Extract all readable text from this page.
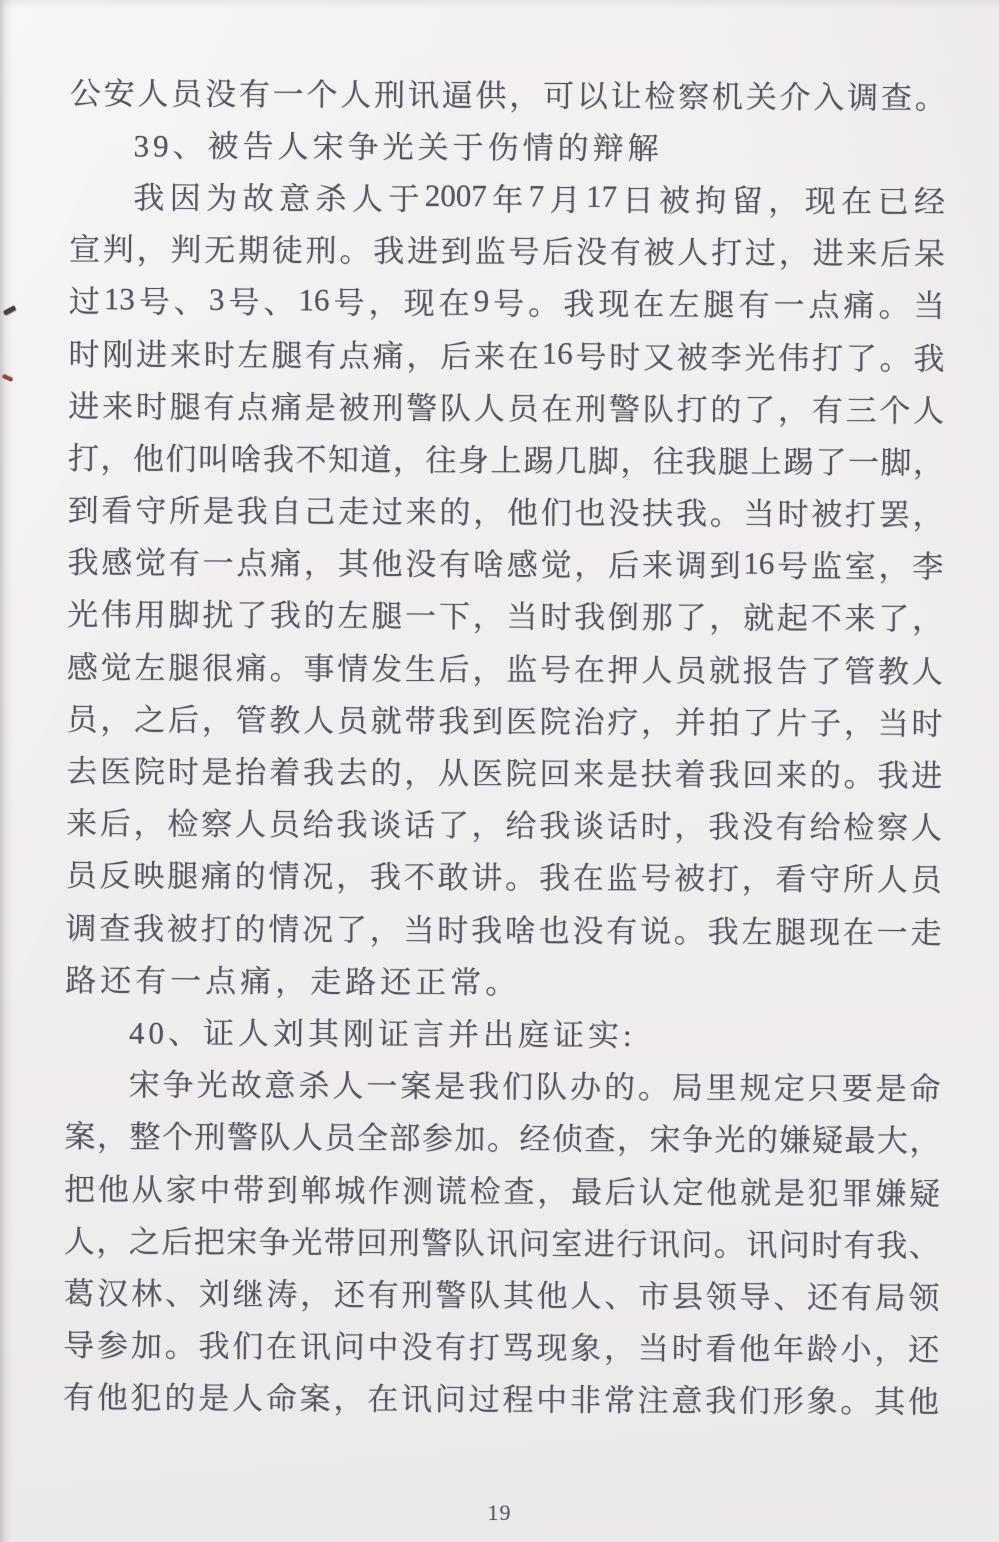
公 安 人 员 没 有 一 个 人 刑 讯 逼 供 ， 可 以 让 检 察 机 关 介 入 调 查 。
39、被告人宋争光关于伤情的辩解
我 因 为 故 意 杀 人 于 2007 年 7 月 17 日 被 拘 留 ， 现 在 已 经
宣 判 ， 判 无 期 徒 刑 。 我 进 到 监 号 后 没 有 被 人 打 过 ， 进 来 后 呆
过 13 号 、 3 号 、 16 号 ， 现 在 9 号 。 我 现 在 左 腿 有 一 点 痛 。 当
时 刚 进 来 时 左 腿 有 点 痛 ， 后 来 在 16 号 时 又 被 李 光 伟 打 了 。 我
进 来 时 腿 有 点 痛 是 被 刑 警 队 人 员 在 刑 警 队 打 的 了 ， 有 三 个 人
打 ， 他 们 叫 啥 我 不 知 道 ， 往 身 上 踢 几 脚 ， 往 我 腿 上 踢 了 一 脚 ，
到 看 守 所 是 我 自 己 走 过 来 的 ， 他 们 也 没 扶 我 。 当 时 被 打 罢 ，
我 感 觉 有 一 点 痛 ， 其 他 没 有 啥 感 觉 ， 后 来 调 到 16 号 监 室 ， 李
光 伟 用 脚 扰 了 我 的 左 腿 一 下 ， 当 时 我 倒 那 了 ， 就 起 不 来 了 ，
感 觉 左 腿 很 痛 。 事 情 发 生 后 ， 监 号 在 押 人 员 就 报 告 了 管 教 人
员 ， 之 后 ， 管 教 人 员 就 带 我 到 医 院 治 疗 ， 并 拍 了 片 子 ， 当 时
去 医 院 时 是 抬 着 我 去 的 ， 从 医 院 回 来 是 扶 着 我 回 来 的 。 我 进
来 后 ， 检 察 人 员 给 我 谈 话 了 ， 给 我 谈 话 时 ， 我 没 有 给 检 察 人
员 反 映 腿 痛 的 情 况 ， 我 不 敢 讲 。 我 在 监 号 被 打 ， 看 守 所 人 员
调 查 我 被 打 的 情 况 了 ， 当 时 我 啥 也 没 有 说 。 我 左 腿 现 在 一 走
路还有一点痛，走路还正常。
40、证人刘其刚证言并出庭证实:
宋 争 光 故 意 杀 人 一 案 是 我 们 队 办 的 。 局 里 规 定 只 要 是 命
案 ， 整 个 刑 警 队 人 员 全 部 参 加 。 经 侦 查 ， 宋 争 光 的 嫌 疑 最 大 ，
把 他 从 家 中 带 到 郸 城 作 测 谎 检 查 ， 最 后 认 定 他 就 是 犯 罪 嫌 疑
人 ， 之 后 把 宋 争 光 带 回 刑 警 队 讯 问 室 进 行 讯 问 。 讯 问 时 有 我 、
葛 汉 林 、 刘 继 涛 ， 还 有 刑 警 队 其 他 人 、 市 县 领 导 、 还 有 局 领
导 参 加 。 我 们 在 讯 问 中 没 有 打 骂 现 象 ， 当 时 看 他 年 龄 小 ， 还
有 他 犯 的 是 人 命 案 ， 在 讯 问 过 程 中 非 常 注 意 我 们 形 象 。 其 他
19
